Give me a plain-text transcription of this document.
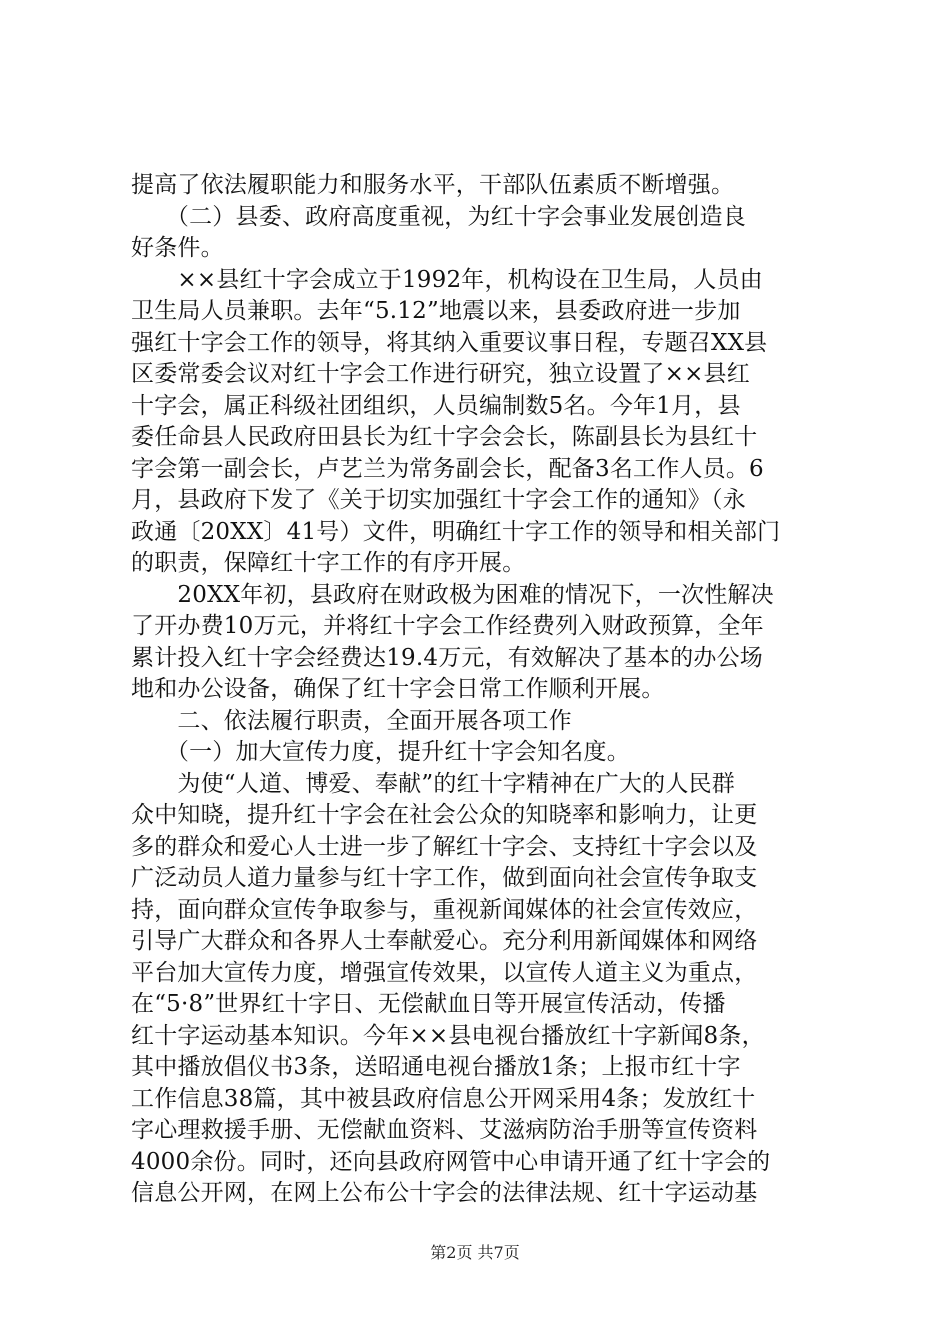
提高了依法履职能力和服务水平，干部队伍素质不断增强。
　　（二）县委、政府高度重视，为红十字会事业发展创造良
好条件。
　　××县红十字会成立于1992年，机构设在卫生局，人员由
卫生局人员兼职。去年“5.12”地震以来，县委政府进一步加
强红十字会工作的领导，将其纳入重要议事日程，专题召XX县
区委常委会议对红十字会工作进行研究，独立设置了××县红
十字会，属正科级社团组织，人员编制数5名。今年1月，县
委任命县人民政府田县长为红十字会会长，陈副县长为县红十
字会第一副会长，卢艺兰为常务副会长，配备3名工作人员。6
月，县政府下发了《关于切实加强红十字会工作的通知》（永
政通〔20XX〕41号）文件，明确红十字工作的领导和相关部门
的职责，保障红十字工作的有序开展。
　　20XX年初，县政府在财政极为困难的情况下，一次性解决
了开办费10万元，并将红十字会工作经费列入财政预算，全年
累计投入红十字会经费达19.4万元，有效解决了基本的办公场
地和办公设备，确保了红十字会日常工作顺利开展。
　　二、依法履行职责，全面开展各项工作
　　（一）加大宣传力度，提升红十字会知名度。
　　为使“人道、博爱、奉献”的红十字精神在广大的人民群
众中知晓，提升红十字会在社会公众的知晓率和影响力，让更
多的群众和爱心人士进一步了解红十字会、支持红十字会以及
广泛动员人道力量参与红十字工作，做到面向社会宣传争取支
持，面向群众宣传争取参与，重视新闻媒体的社会宣传效应，
引导广大群众和各界人士奉献爱心。充分利用新闻媒体和网络
平台加大宣传力度，增强宣传效果，以宣传人道主义为重点，
在“5·8”世界红十字日、无偿献血日等开展宣传活动，传播
红十字运动基本知识。今年××县电视台播放红十字新闻8条，
其中播放倡仪书3条，送昭通电视台播放1条；上报市红十字
工作信息38篇，其中被县政府信息公开网采用4条；发放红十
字心理救援手册、无偿献血资料、艾滋病防治手册等宣传资料
4000余份。同时，还向县政府网管中心申请开通了红十字会的
信息公开网，在网上公布公十字会的法律法规、红十字运动基
第2页 共7页
